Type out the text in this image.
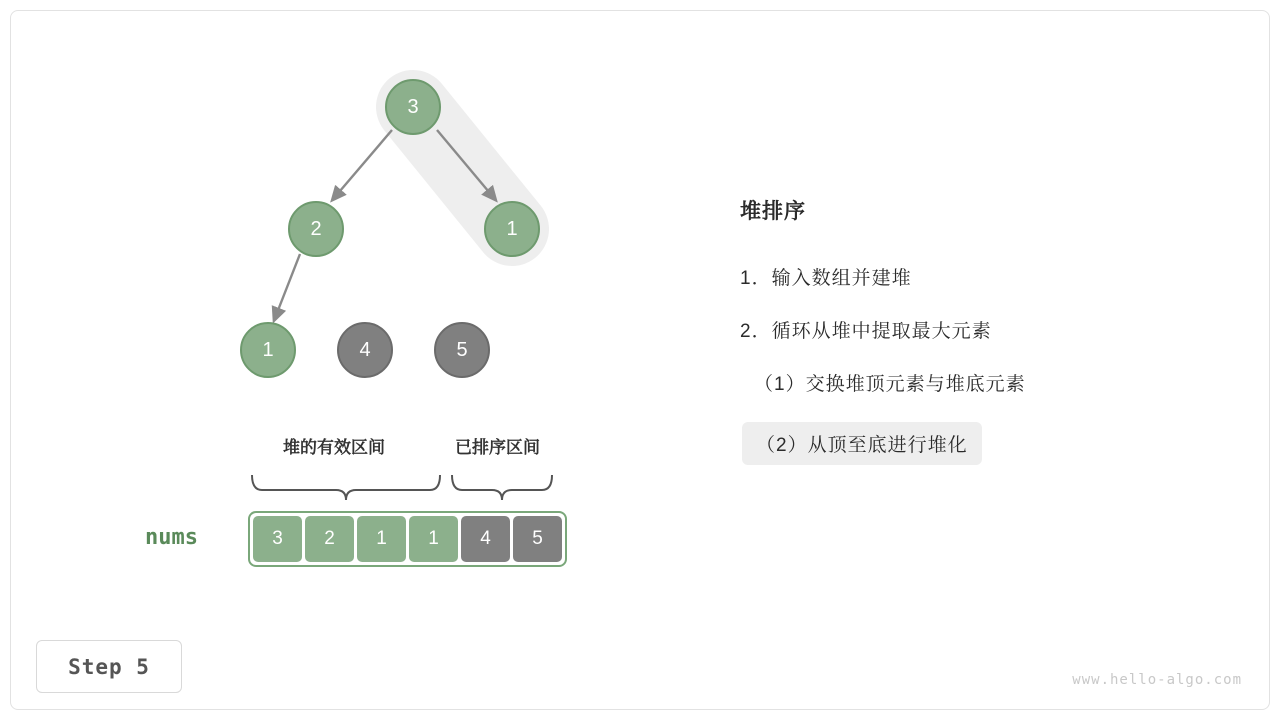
3
2	1
1	4	5
堆的有效区间	已排序区间
nums	3 2 1 1 4 5
堆排序
1．输入数组并建堆
2．循环从堆中提取最大元素
（1）交换堆顶元素与堆底元素
（2）从顶至底进行堆化
Step 5
www.hello-algo.com
